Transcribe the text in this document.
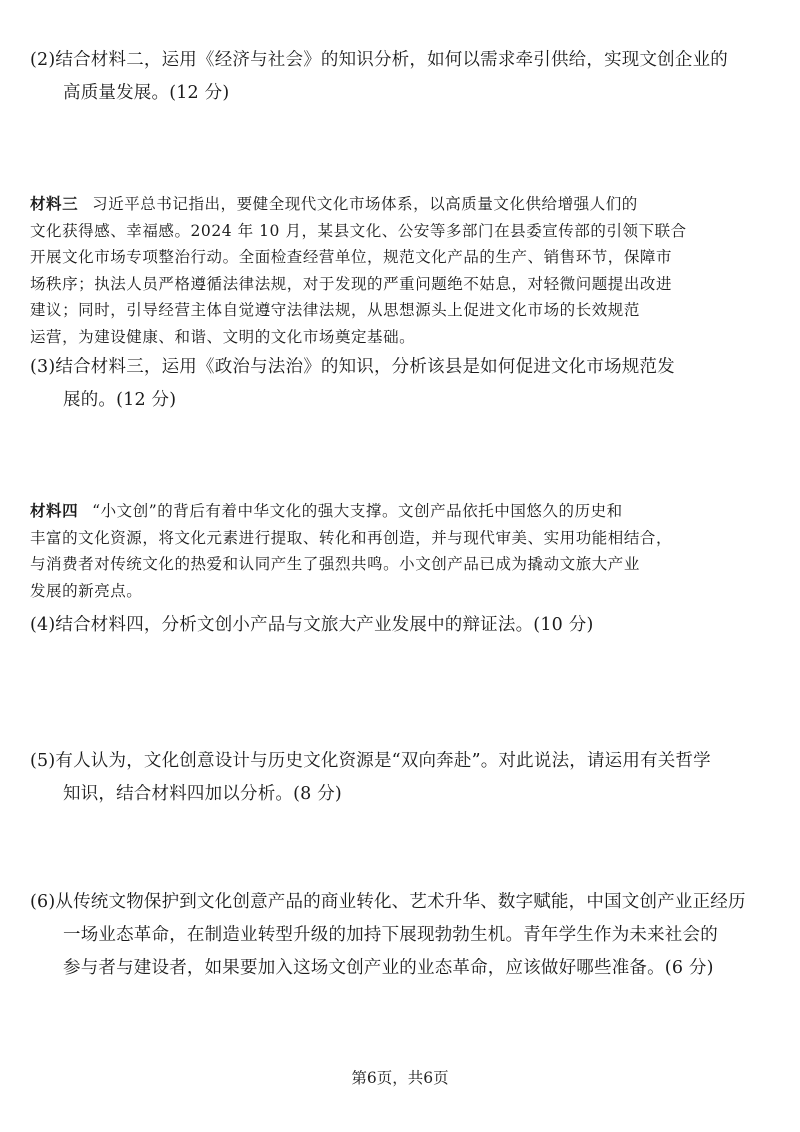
(2)结合材料二，运用《经济与社会》的知识分析，如何以需求牵引供给，实现文创企业的

高质量发展。(12 分)

材料三 习近平总书记指出，要健全现代文化市场体系，以高质量文化供给增强人们的

文化获得感、幸福感。2024 年 10 月，某县文化、公安等多部门在县委宣传部的引领下联合

开展文化市场专项整治行动。全面检查经营单位，规范文化产品的生产、销售环节，保障市

场秩序；执法人员严格遵循法律法规，对于发现的严重问题绝不姑息，对轻微问题提出改进

建议；同时，引导经营主体自觉遵守法律法规，从思想源头上促进文化市场的长效规范

运营，为建设健康、和谐、文明的文化市场奠定基础。

(3)结合材料三，运用《政治与法治》的知识，分析该县是如何促进文化市场规范发

展的。(12 分)

材料四 “小文创”的背后有着中华文化的强大支撑。文创产品依托中国悠久的历史和

丰富的文化资源，将文化元素进行提取、转化和再创造，并与现代审美、实用功能相结合，

与消费者对传统文化的热爱和认同产生了强烈共鸣。小文创产品已成为撬动文旅大产业

发展的新亮点。

(4)结合材料四，分析文创小产品与文旅大产业发展中的辩证法。(10 分)

(5)有人认为，文化创意设计与历史文化资源是“双向奔赴”。对此说法，请运用有关哲学

知识，结合材料四加以分析。(8 分)

(6)从传统文物保护到文化创意产品的商业转化、艺术升华、数字赋能，中国文创产业正经历

一场业态革命，在制造业转型升级的加持下展现勃勃生机。青年学生作为未来社会的

参与者与建设者，如果要加入这场文创产业的业态革命，应该做好哪些准备。(6 分)

第6页，共6页
